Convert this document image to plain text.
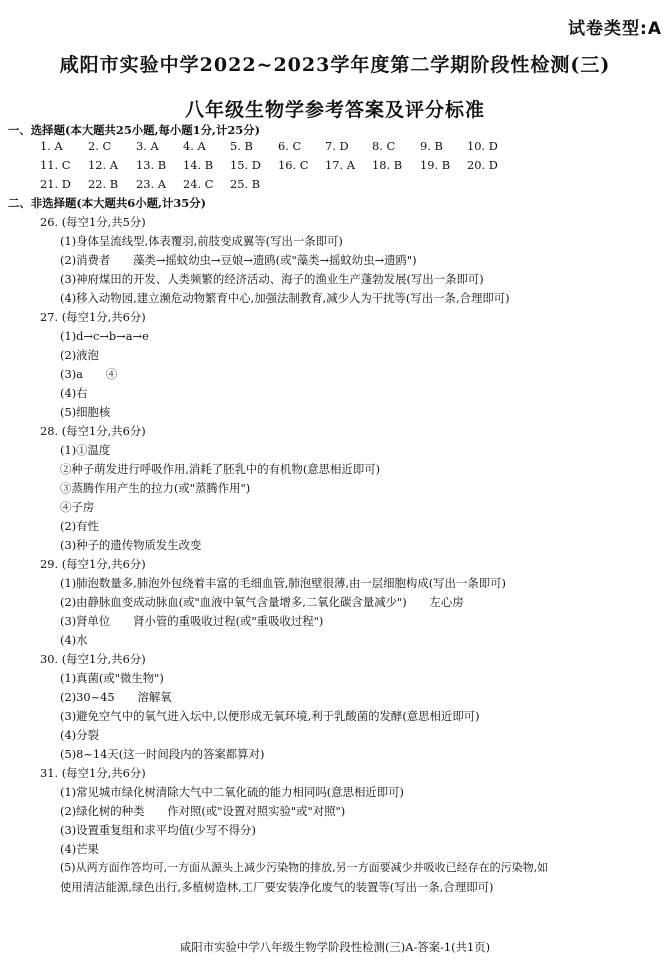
试卷类型:A
咸阳市实验中学2022~2023学年度第二学期阶段性检测(三)
八年级生物学参考答案及评分标准
一、选择题(本大题共25小题,每小题1分,计25分)
1. A 2. C 3. A 4. A 5. B 6. C 7. D 8. C 9. B 10. D
11. C 12. A 13. B 14. B 15. D 16. C 17. A 18. B 19. B 20. D
21. D 22. B 23. A 24. C 25. B
二、非选择题(本大题共6小题,计35分)
26. (每空1分,共5分)
(1)身体呈流线型,体表覆羽,前肢变成翼等(写出一条即可)
(2)消费者　　藻类→摇蚊幼虫→豆娘→遗鸥(或"藻类→摇蚊幼虫→遗鸥")
(3)神府煤田的开发、人类频繁的经济活动、海子的渔业生产蓬勃发展(写出一条即可)
(4)移入动物园,建立濒危动物繁育中心,加强法制教育,减少人为干扰等(写出一条,合理即可)
27. (每空1分,共6分)
(1)d→c→b→a→e
(2)液泡
(3)a　　④
(4)右
(5)细胞核
28. (每空1分,共6分)
(1)①温度
②种子萌发进行呼吸作用,消耗了胚乳中的有机物(意思相近即可)
③蒸腾作用产生的拉力(或"蒸腾作用")
④子房
(2)有性
(3)种子的遗传物质发生改变
29. (每空1分,共6分)
(1)肺泡数量多,肺泡外包绕着丰富的毛细血管,肺泡壁很薄,由一层细胞构成(写出一条即可)
(2)由静脉血变成动脉血(或"血液中氧气含量增多,二氧化碳含量减少")　　左心房
(3)肾单位　　肾小管的重吸收过程(或"重吸收过程")
(4)水
30. (每空1分,共6分)
(1)真菌(或"微生物")
(2)30~45　　溶解氧
(3)避免空气中的氧气进入坛中,以便形成无氧环境,利于乳酸菌的发酵(意思相近即可)
(4)分裂
(5)8~14天(这一时间段内的答案都算对)
31. (每空1分,共6分)
(1)常见城市绿化树清除大气中二氧化硫的能力相同吗(意思相近即可)
(2)绿化树的种类　　作对照(或"设置对照实验"或"对照")
(3)设置重复组和求平均值(少写不得分)
(4)芒果
(5)从两方面作答均可,一方面从源头上减少污染物的排放,另一方面要减少并吸收已经存在的污染物,如
使用清洁能源,绿色出行,多植树造林,工厂要安装净化废气的装置等(写出一条,合理即可)
咸阳市实验中学八年级生物学阶段性检测(三)A-答案-1(共1页)
